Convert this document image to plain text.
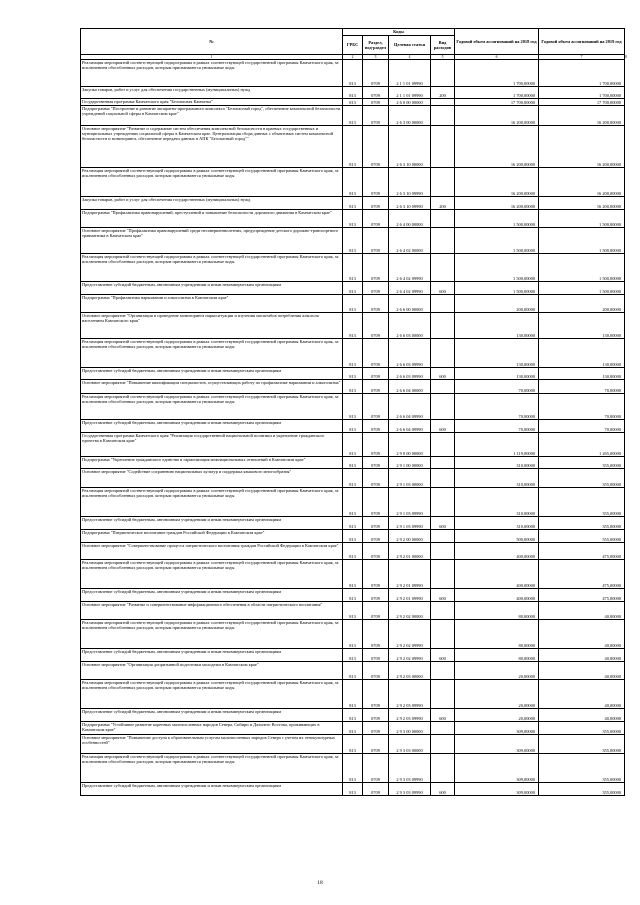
№	Коды				Годовой объем ассигнований на 2018 год	Годовой объем ассигнований на 2019 год	
	ГРБС	Раздел, под-раздел	Целевая статья	Вид расходов			
1	2	3	4	5	6	7	8
Реализация мероприятий соответствующей подпрограммы в рамках соответствующей государственной программы Камчатского края, за исключением обособленных расходов, которым присваиваются уникальные коды	813	0709	2 1 1 01 09990		1 700,00000	1 700,00000	
Закупка товаров, работ и услуг для обеспечения государственных (муниципальных) нужд	813	0709	2 1 1 01 09990	200	1 700,00000	1 700,00000	
Государственная программа Камчатского края "Безопасная Камчатка"	813	0709	2 6 0 00 00000		17 700,00000	17 700,00000	
Подпрограмма "Построение и развитие аппаратно-программного комплекса "Безопасный город", обеспечение комплексной безопасности учреждений социальной сферы в Камчатском крае"	813	0709	2 6 3 00 00000		16 200,00000	16 200,00000	
Основное мероприятие "Развитие и содержание систем обеспечения комплексной безопасности в краевых государственных и муниципальных учреждениях социальной сферы в Камчатском крае. Централизация сбора данных с объектовых систем комплексной безопасности и мониторинга, обеспечение передачи данных в АПК "Безопасный город""	813	0709	2 6 3 10 00000		16 200,00000	16 200,00000	
Реализация мероприятий соответствующей подпрограммы в рамках соответствующей государственной программы Камчатского края, за исключением обособленных расходов, которым присваиваются уникальные коды	813	0709	2 6 3 10 09990		16 200,00000	16 200,00000	
Закупка товаров, работ и услуг для обеспечения государственных (муниципальных) нужд	813	0709	2 6 3 10 09990	200	16 200,00000	16 200,00000	
Подпрограмма "Профилактика правонарушений, преступлений и повышение безопасности дорожного движения в Камчатском крае"	813	0709	2 6 4 00 00000		1 500,00000	1 500,00000	
Основное мероприятие "Профилактика правонарушений среди несовершеннолетних, предупреждение детского дорожно-транспортного травматизма в Камчатском крае"	813	0709	2 6 4 02 00000		1 500,00000	1 500,00000	
Реализация мероприятий соответствующей подпрограммы в рамках соответствующей государственной программы Камчатского края, за исключением обособленных расходов, которым присваиваются уникальные коды	813	0709	2 6 4 02 09990		1 500,00000	1 500,00000	
Предоставление субсидий бюджетным, автономным учреждениям и иным некоммерческим организациям	813	0709	2 6 4 02 09990	600	1 500,00000	1 500,00000	
Подпрограмма "Профилактика наркомании и алкоголизма в Камчатском крае"	813	0709	2 6 6 00 00000		200,00000	200,00000	
Основное мероприятие "Организация и проведение мониторинга наркоситуации и изучения масштабов потребления алкоголя населением Камчатского края"	813	0709	2 6 6 03 00000		130,00000	130,00000	
Реализация мероприятий соответствующей подпрограммы в рамках соответствующей государственной программы Камчатского края, за исключением обособленных расходов, которым присваиваются уникальные коды	813	0709	2 6 6 03 09990		130,00000	130,00000	
Предоставление субсидий бюджетным, автономным учреждениям и иным некоммерческим организациям	813	0709	2 6 6 03 09990	600	130,00000	130,00000	
Основное мероприятие "Повышение квалификации специалистов, осуществляющих работу по профилактике наркомании и алкоголизма"	813	0709	2 6 6 04 00000		70,00000	70,00000	
Реализация мероприятий соответствующей подпрограммы в рамках соответствующей государственной программы Камчатского края, за исключением обособленных расходов, которым присваиваются уникальные коды	813	0709	2 6 6 04 09990		70,00000	70,00000	
Предоставление субсидий бюджетным, автономным учреждениям и иным некоммерческим организациям	813	0709	2 6 6 04 09990	600	70,00000	70,00000	
Государственная программа Камчатского края "Реализация государственной национальной политики и укрепление гражданского единства в Камчатском крае"	813	0709	2 9 0 00 00000		1 119,00000	1 265,00000	
Подпрограмма "Укрепление гражданского единства и гармонизация межнациональных отношений в Камчатском крае"	813	0709	2 9 1 00 00000		310,00000	355,00000	
Основное мероприятие "Содействие сохранению национальных культур и поддержка языкового многообразия"	813	0709	2 9 1 03 00000		310,00000	355,00000	
Реализация мероприятий соответствующей подпрограммы в рамках соответствующей государственной программы Камчатского края, за исключением обособленных расходов, которым присваиваются уникальные коды	813	0709	2 9 1 03 09990		310,00000	355,00000	
Предоставление субсидий бюджетным, автономным учреждениям и иным некоммерческим организациям	813	0709	2 9 1 03 09990	600	310,00000	355,00000	
Подпрограмма "Патриотическое воспитание граждан Российской Федерации в Камчатском крае"	813	0709	2 9 2 00 00000		500,00000	555,00000	
Основное мероприятие "Совершенствование процесса патриотического воспитания граждан Российской Федерации в Камчатском крае"	813	0709	2 9 2 01 00000		400,00000	475,00000	
Реализация мероприятий соответствующей подпрограммы в рамках соответствующей государственной программы Камчатского края, за исключением обособленных расходов, которым присваиваются уникальные коды	813	0709	2 9 2 01 09990		400,00000	475,00000	
Предоставление субсидий бюджетным, автономным учреждениям и иным некоммерческим организациям	813	0709	2 9 2 01 09990	600	400,00000	475,00000	
Основное мероприятие "Развитие и совершенствование информационного обеспечения в области патриотического воспитания"	813	0709	2 9 2 02 00000		80,00000	40,00000	
Реализация мероприятий соответствующей подпрограммы в рамках соответствующей государственной программы Камчатского края, за исключением обособленных расходов, которым присваиваются уникальные коды	813	0709	2 9 2 02 09990		80,00000	40,00000	
Предоставление субсидий бюджетным, автономным учреждениям и иным некоммерческим организациям	813	0709	2 9 2 02 09990	600	80,00000	40,00000	
Основное мероприятие "Организация допризывной подготовки молодежи в Камчатском крае"	813	0709	2 9 2 03 00000		20,00000	40,00000	
Реализация мероприятий соответствующей подпрограммы в рамках соответствующей государственной программы Камчатского края, за исключением обособленных расходов, которым присваиваются уникальные коды	813	0709	2 9 2 03 09990		20,00000	40,00000	
Предоставление субсидий бюджетным, автономным учреждениям и иным некоммерческим организациям	813	0709	2 9 2 03 09990	600	20,00000	40,00000	
Подпрограмма "Устойчивое развитие коренных малочисленных народов Севера, Сибири и Дальнего Востока, проживающих в Камчатском крае"	813	0709	2 9 3 00 00000		309,00000	355,00000	
Основное мероприятие "Повышение доступа к образовательным услугам малочисленных народов Севера с учетом их этнокультурных особенностей"	813	0709	2 9 3 03 00000		309,00000	355,00000	
Реализация мероприятий соответствующей подпрограммы в рамках соответствующей государственной программы Камчатского края, за исключением обособленных расходов, которым присваиваются уникальные коды	813	0709	2 9 3 03 09990		309,00000	355,00000	
Предоставление субсидий бюджетным, автономным учреждениям и иным некоммерческим организациям	813	0709	2 9 3 03 09990	600	309,00000	355,00000	
18
